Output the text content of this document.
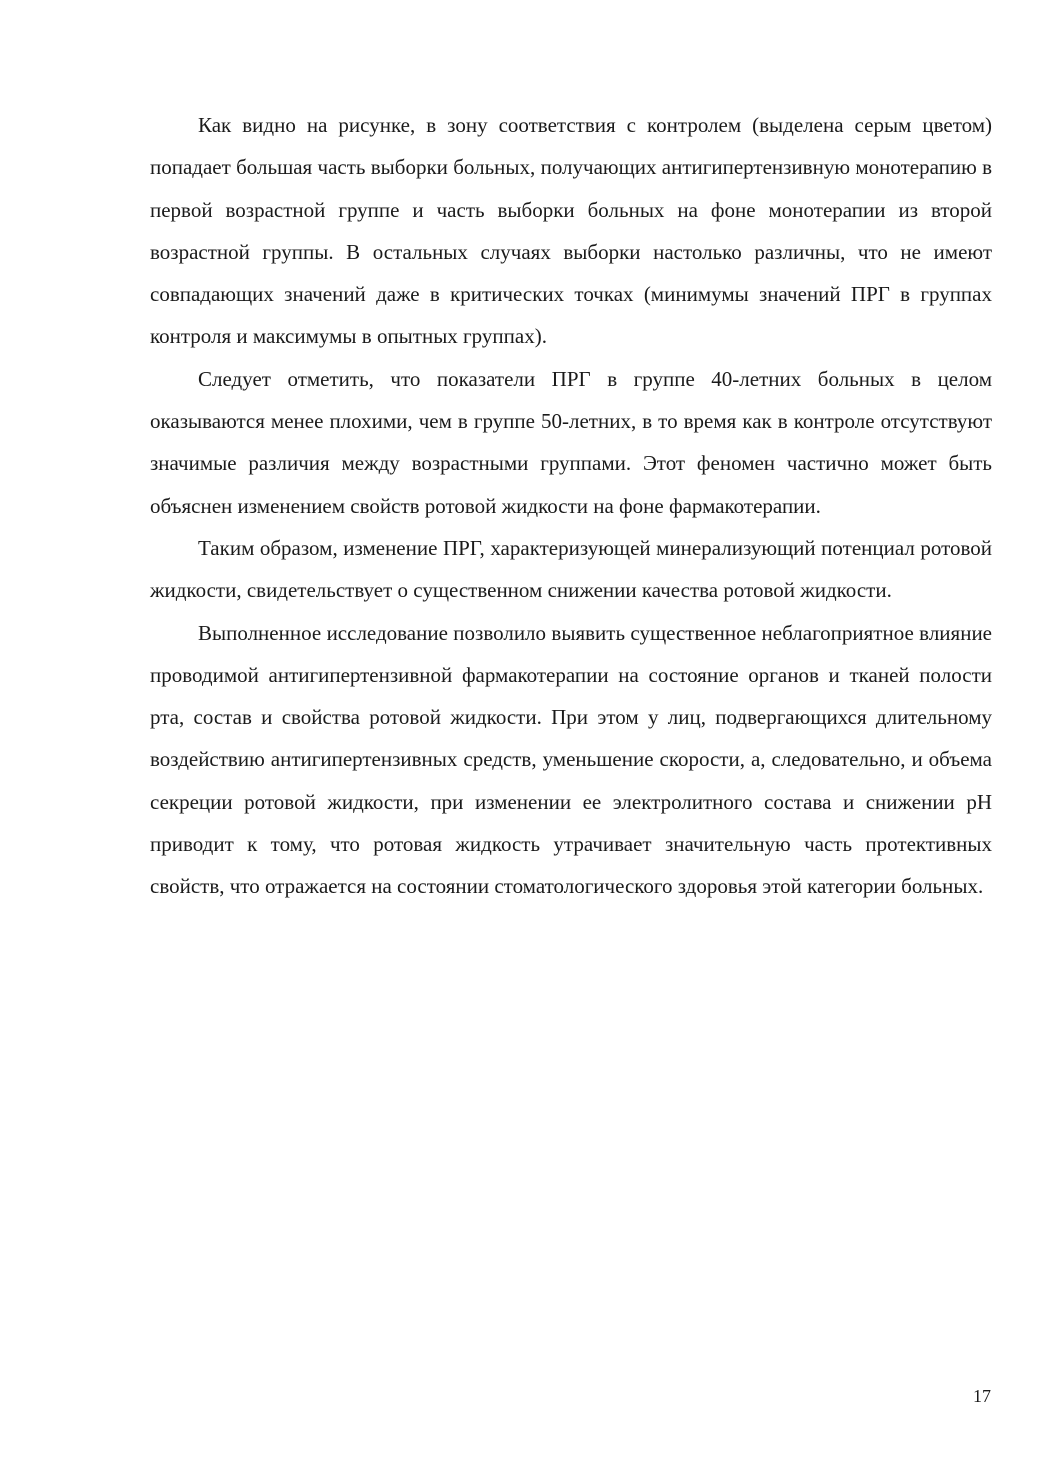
Как видно на рисунке, в зону соответствия с контролем (выделена серым цветом) попадает большая часть выборки больных, получающих антигипертензивную монотерапию в первой возрастной группе и часть выборки больных на фоне монотерапии из второй возрастной группы. В остальных случаях выборки настолько различны, что не имеют совпадающих значений даже в критических точках (минимумы значений ПРГ в группах контроля и максимумы в опытных группах).

Следует отметить, что показатели ПРГ в группе 40-летних больных в целом оказываются менее плохими, чем в группе 50-летних, в то время как в контроле отсутствуют значимые различия между возрастными группами. Этот феномен частично может быть объяснен изменением свойств ротовой жидкости на фоне фармакотерапии.

Таким образом, изменение ПРГ, характеризующей минерализующий потенциал ротовой жидкости, свидетельствует о существенном снижении качества ротовой жидкости.

Выполненное исследование позволило выявить существенное неблагоприятное влияние проводимой антигипертензивной фармакотерапии на состояние органов и тканей полости рта, состав и свойства ротовой жидкости. При этом у лиц, подвергающихся длительному воздействию антигипертензивных средств, уменьшение скорости, а, следовательно, и объема секреции ротовой жидкости, при изменении ее электролитного состава и снижении pH приводит к тому, что ротовая жидкость утрачивает значительную часть протективных свойств, что отражается на состоянии стоматологического здоровья этой категории больных.

17
